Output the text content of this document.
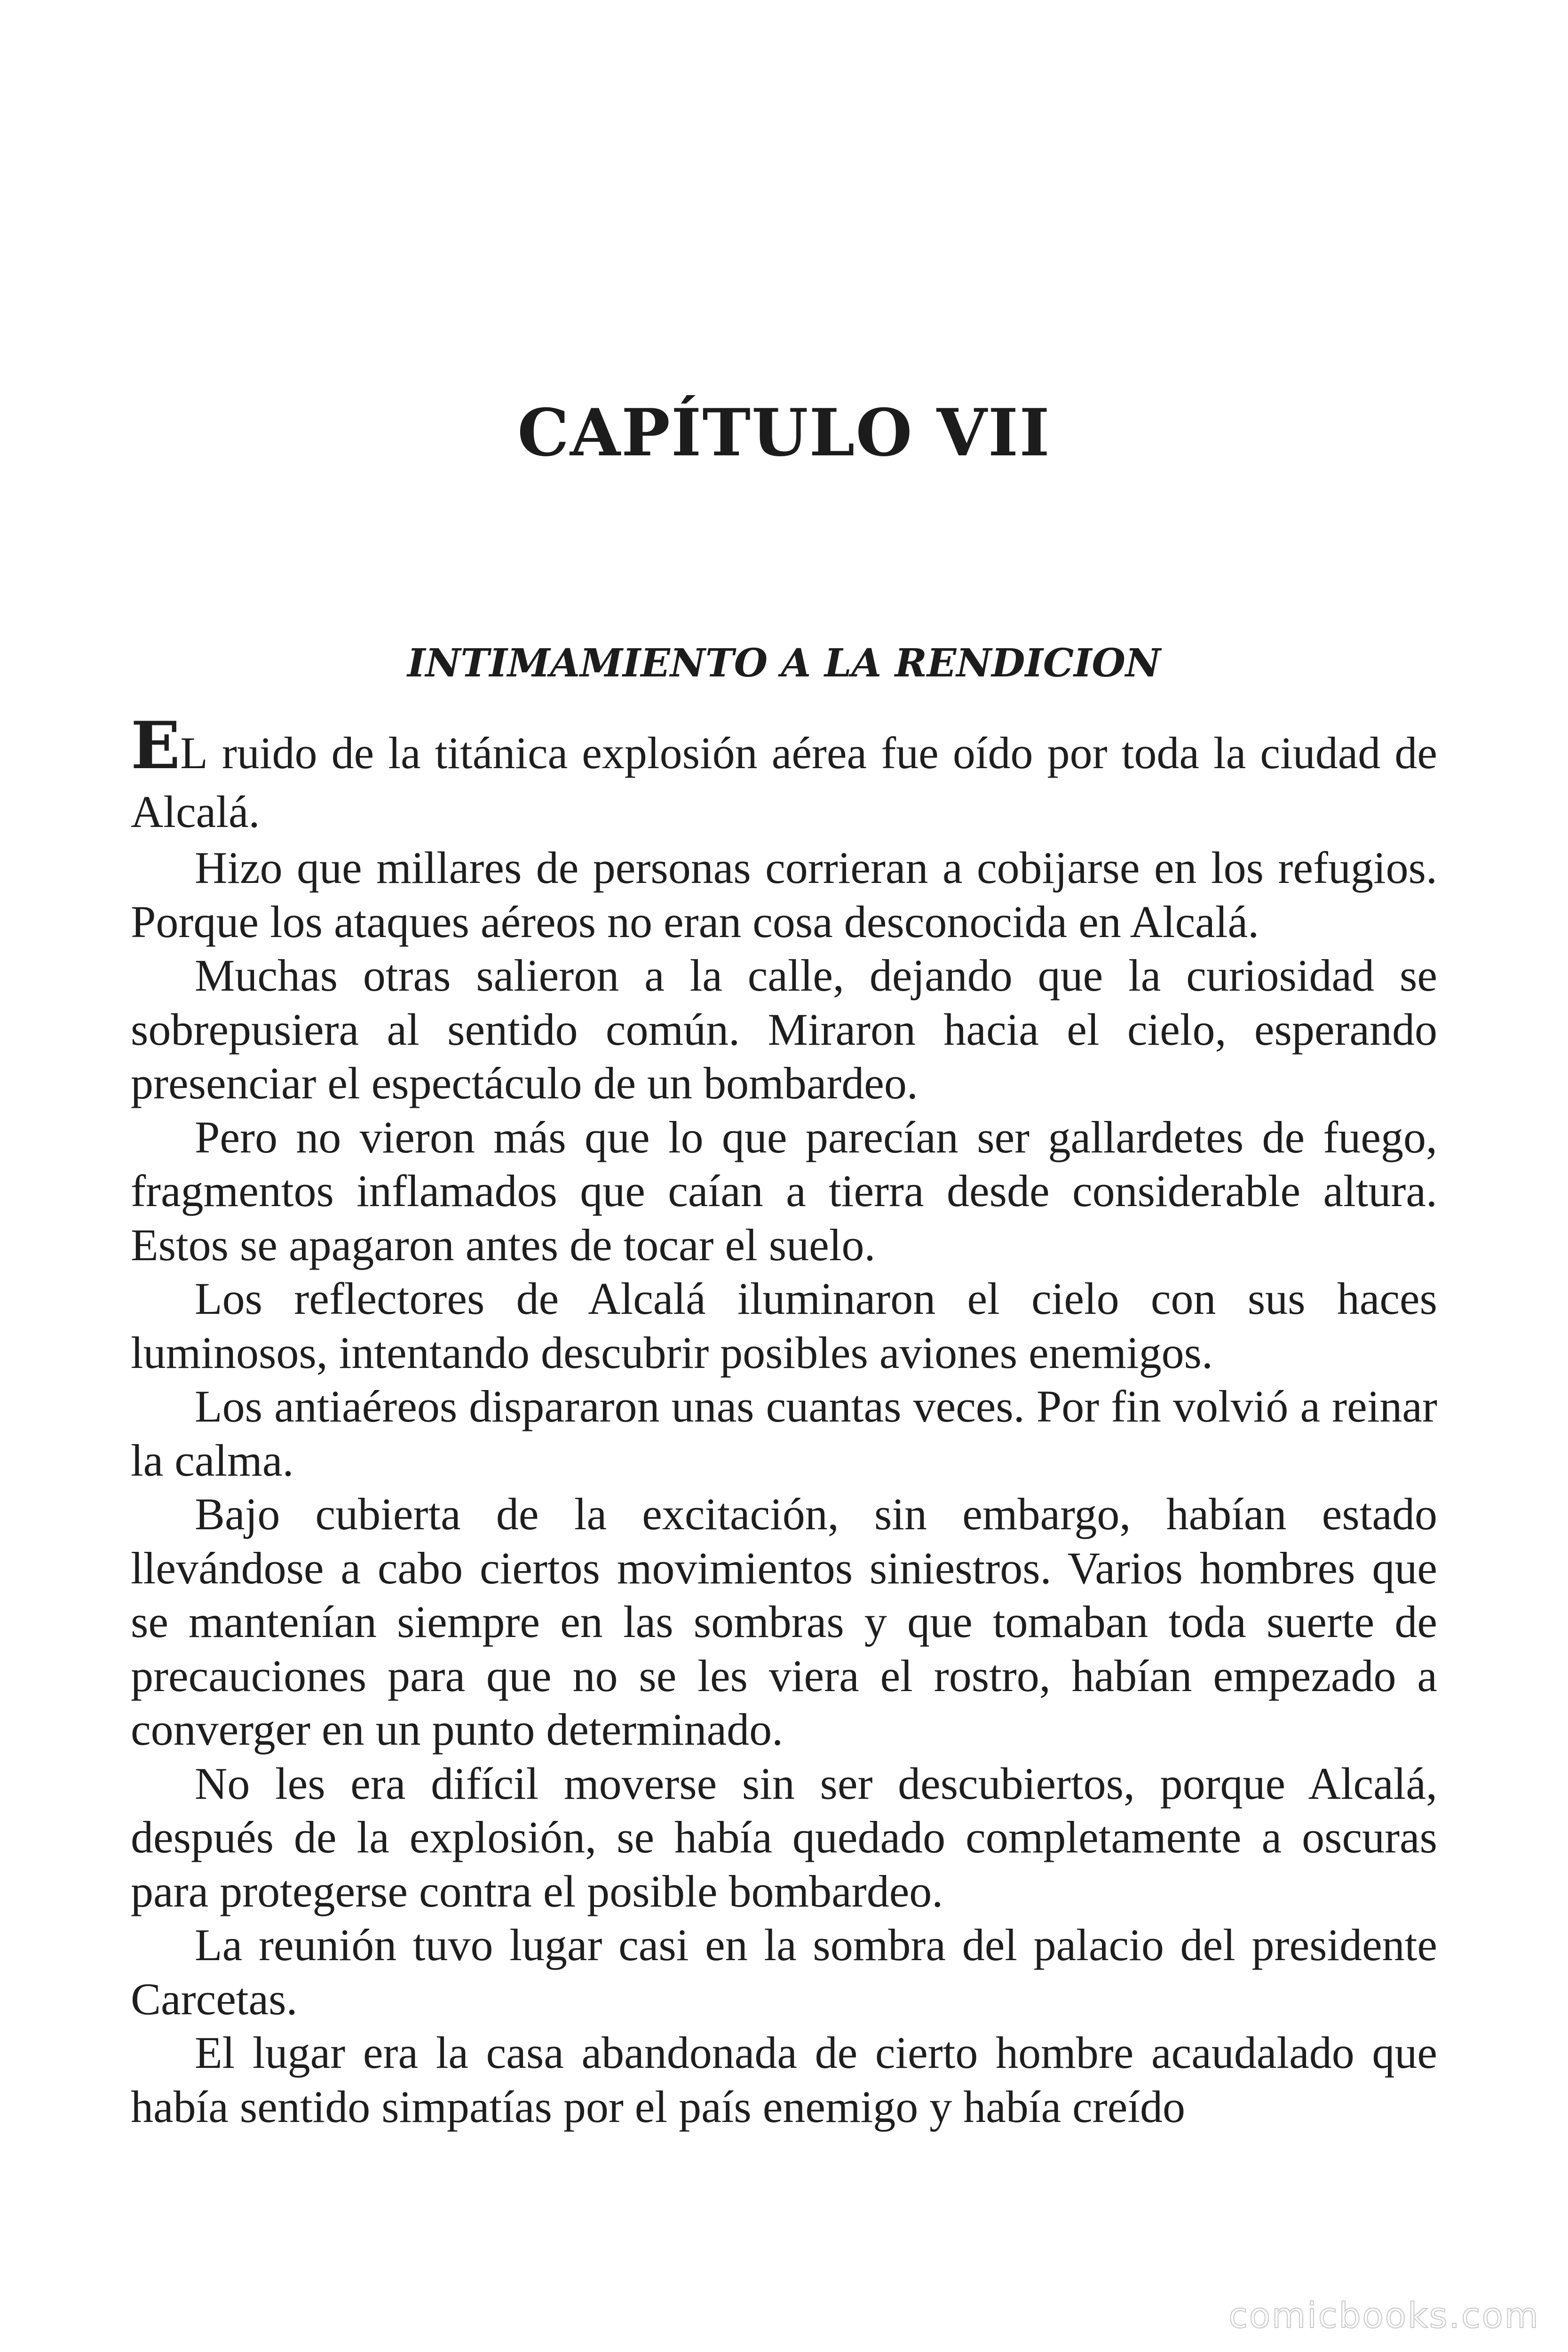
CAPÍTULO VII
INTIMAMIENTO A LA RENDICION

EL ruido de la titánica explosión aérea fue oído por toda la ciudad de Alcalá.

Hizo que millares de personas corrieran a cobijarse en los refugios. Porque los ataques aéreos no eran cosa desconocida en Alcalá.

Muchas otras salieron a la calle, dejando que la curiosidad se sobrepusiera al sentido común. Miraron hacia el cielo, esperando presenciar el espectáculo de un bombardeo.

Pero no vieron más que lo que parecían ser gallardetes de fuego, fragmentos inflamados que caían a tierra desde considerable altura. Estos se apagaron antes de tocar el suelo.

Los reflectores de Alcalá iluminaron el cielo con sus haces luminosos, intentando descubrir posibles aviones enemigos.

Los antiaéreos dispararon unas cuantas veces. Por fin volvió a reinar la calma.

Bajo cubierta de la excitación, sin embargo, habían estado llevándose a cabo ciertos movimientos siniestros. Varios hombres que se mantenían siempre en las sombras y que tomaban toda suerte de precauciones para que no se les viera el rostro, habían empezado a converger en un punto determinado.

No les era difícil moverse sin ser descubiertos, porque Alcalá, después de la explosión, se había quedado completamente a oscuras para protegerse contra el posible bombardeo.

La reunión tuvo lugar casi en la sombra del palacio del presidente Carcetas.

El lugar era la casa abandonada de cierto hombre acaudalado que había sentido simpatías por el país enemigo y había creído

comicbooks.com
